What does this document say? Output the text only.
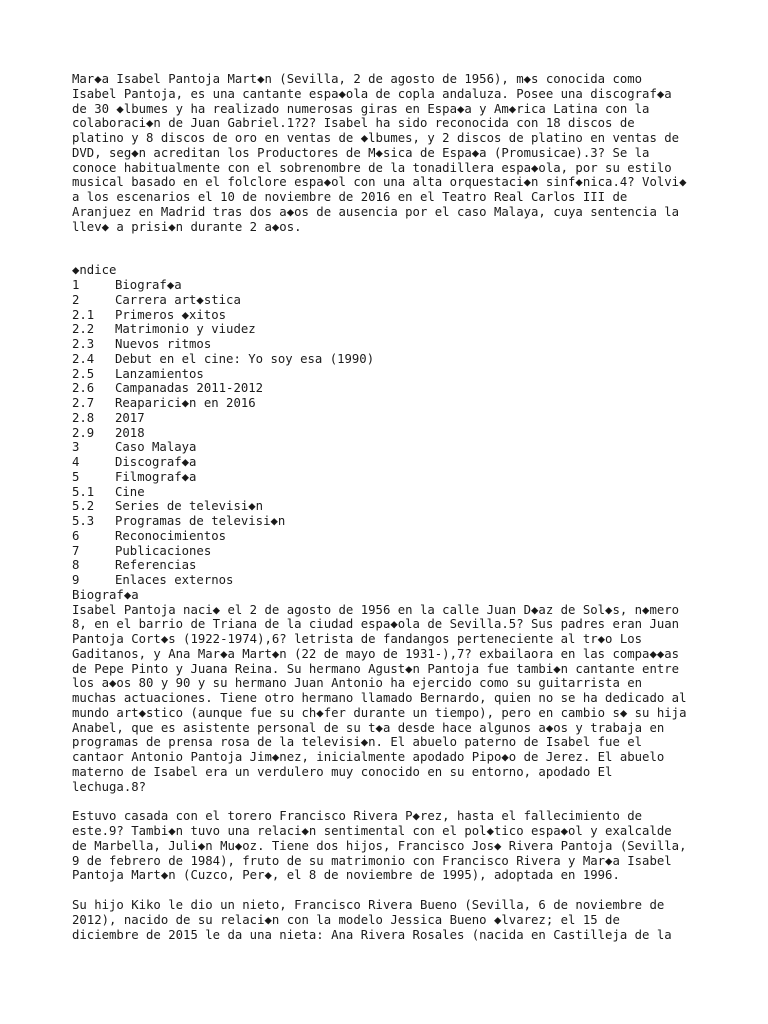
Mar◆a Isabel Pantoja Mart◆n (Sevilla, 2 de agosto de 1956), m◆s conocida como
Isabel Pantoja, es una cantante espa◆ola de copla andaluza. Posee una discograf◆a
de 30 ◆lbumes y ha realizado numerosas giras en Espa◆a y Am◆rica Latina con la
colaboraci◆n de Juan Gabriel.1?2? Isabel ha sido reconocida con 18 discos de
platino y 8 discos de oro en ventas de ◆lbumes, y 2 discos de platino en ventas de
DVD, seg◆n acreditan los Productores de M◆sica de Espa◆a (Promusicae).3? Se la
conoce habitualmente con el sobrenombre de la tonadillera espa◆ola, por su estilo
musical basado en el folclore espa◆ol con una alta orquestaci◆n sinf◆nica.4? Volvi◆
a los escenarios el 10 de noviembre de 2016 en el Teatro Real Carlos III de
Aranjuez en Madrid tras dos a◆os de ausencia por el caso Malaya, cuya sentencia la
llev◆ a prisi◆n durante 2 a◆os.

◆ndice
1	Biograf◆a
2	Carrera art◆stica
2.1	Primeros ◆xitos
2.2	Matrimonio y viudez
2.3	Nuevos ritmos
2.4	Debut en el cine: Yo soy esa (1990)
2.5	Lanzamientos
2.6	Campanadas 2011-2012
2.7	Reaparici◆n en 2016
2.8	2017
2.9	2018
3	Caso Malaya
4	Discograf◆a
5	Filmograf◆a
5.1	Cine
5.2	Series de televisi◆n
5.3	Programas de televisi◆n
6	Reconocimientos
7	Publicaciones
8	Referencias
9	Enlaces externos
Biograf◆a

Isabel Pantoja naci◆ el 2 de agosto de 1956 en la calle Juan D◆az de Sol◆s, n◆mero
8, en el barrio de Triana de la ciudad espa◆ola de Sevilla.5? Sus padres eran Juan
Pantoja Cort◆s (1922-1974),6? letrista de fandangos perteneciente al tr◆o Los
Gaditanos, y Ana Mar◆a Mart◆n (22 de mayo de 1931-),7? exbailaora en las compa◆◆as
de Pepe Pinto y Juana Reina. Su hermano Agust◆n Pantoja fue tambi◆n cantante entre
los a◆os 80 y 90 y su hermano Juan Antonio ha ejercido como su guitarrista en
muchas actuaciones. Tiene otro hermano llamado Bernardo, quien no se ha dedicado al
mundo art◆stico (aunque fue su ch◆fer durante un tiempo), pero en cambio s◆ su hija
Anabel, que es asistente personal de su t◆a desde hace algunos a◆os y trabaja en
programas de prensa rosa de la televisi◆n. El abuelo paterno de Isabel fue el
cantaor Antonio Pantoja Jim◆nez, inicialmente apodado Pipo◆o de Jerez. El abuelo
materno de Isabel era un verdulero muy conocido en su entorno, apodado El
lechuga.8?

Estuvo casada con el torero Francisco Rivera P◆rez, hasta el fallecimiento de
este.9? Tambi◆n tuvo una relaci◆n sentimental con el pol◆tico espa◆ol y exalcalde
de Marbella, Juli◆n Mu◆oz. Tiene dos hijos, Francisco Jos◆ Rivera Pantoja (Sevilla,
9 de febrero de 1984), fruto de su matrimonio con Francisco Rivera y Mar◆a Isabel
Pantoja Mart◆n (Cuzco, Per◆, el 8 de noviembre de 1995), adoptada en 1996.

Su hijo Kiko le dio un nieto, Francisco Rivera Bueno (Sevilla, 6 de noviembre de
2012), nacido de su relaci◆n con la modelo Jessica Bueno ◆lvarez; el 15 de
diciembre de 2015 le da una nieta: Ana Rivera Rosales (nacida en Castilleja de la
